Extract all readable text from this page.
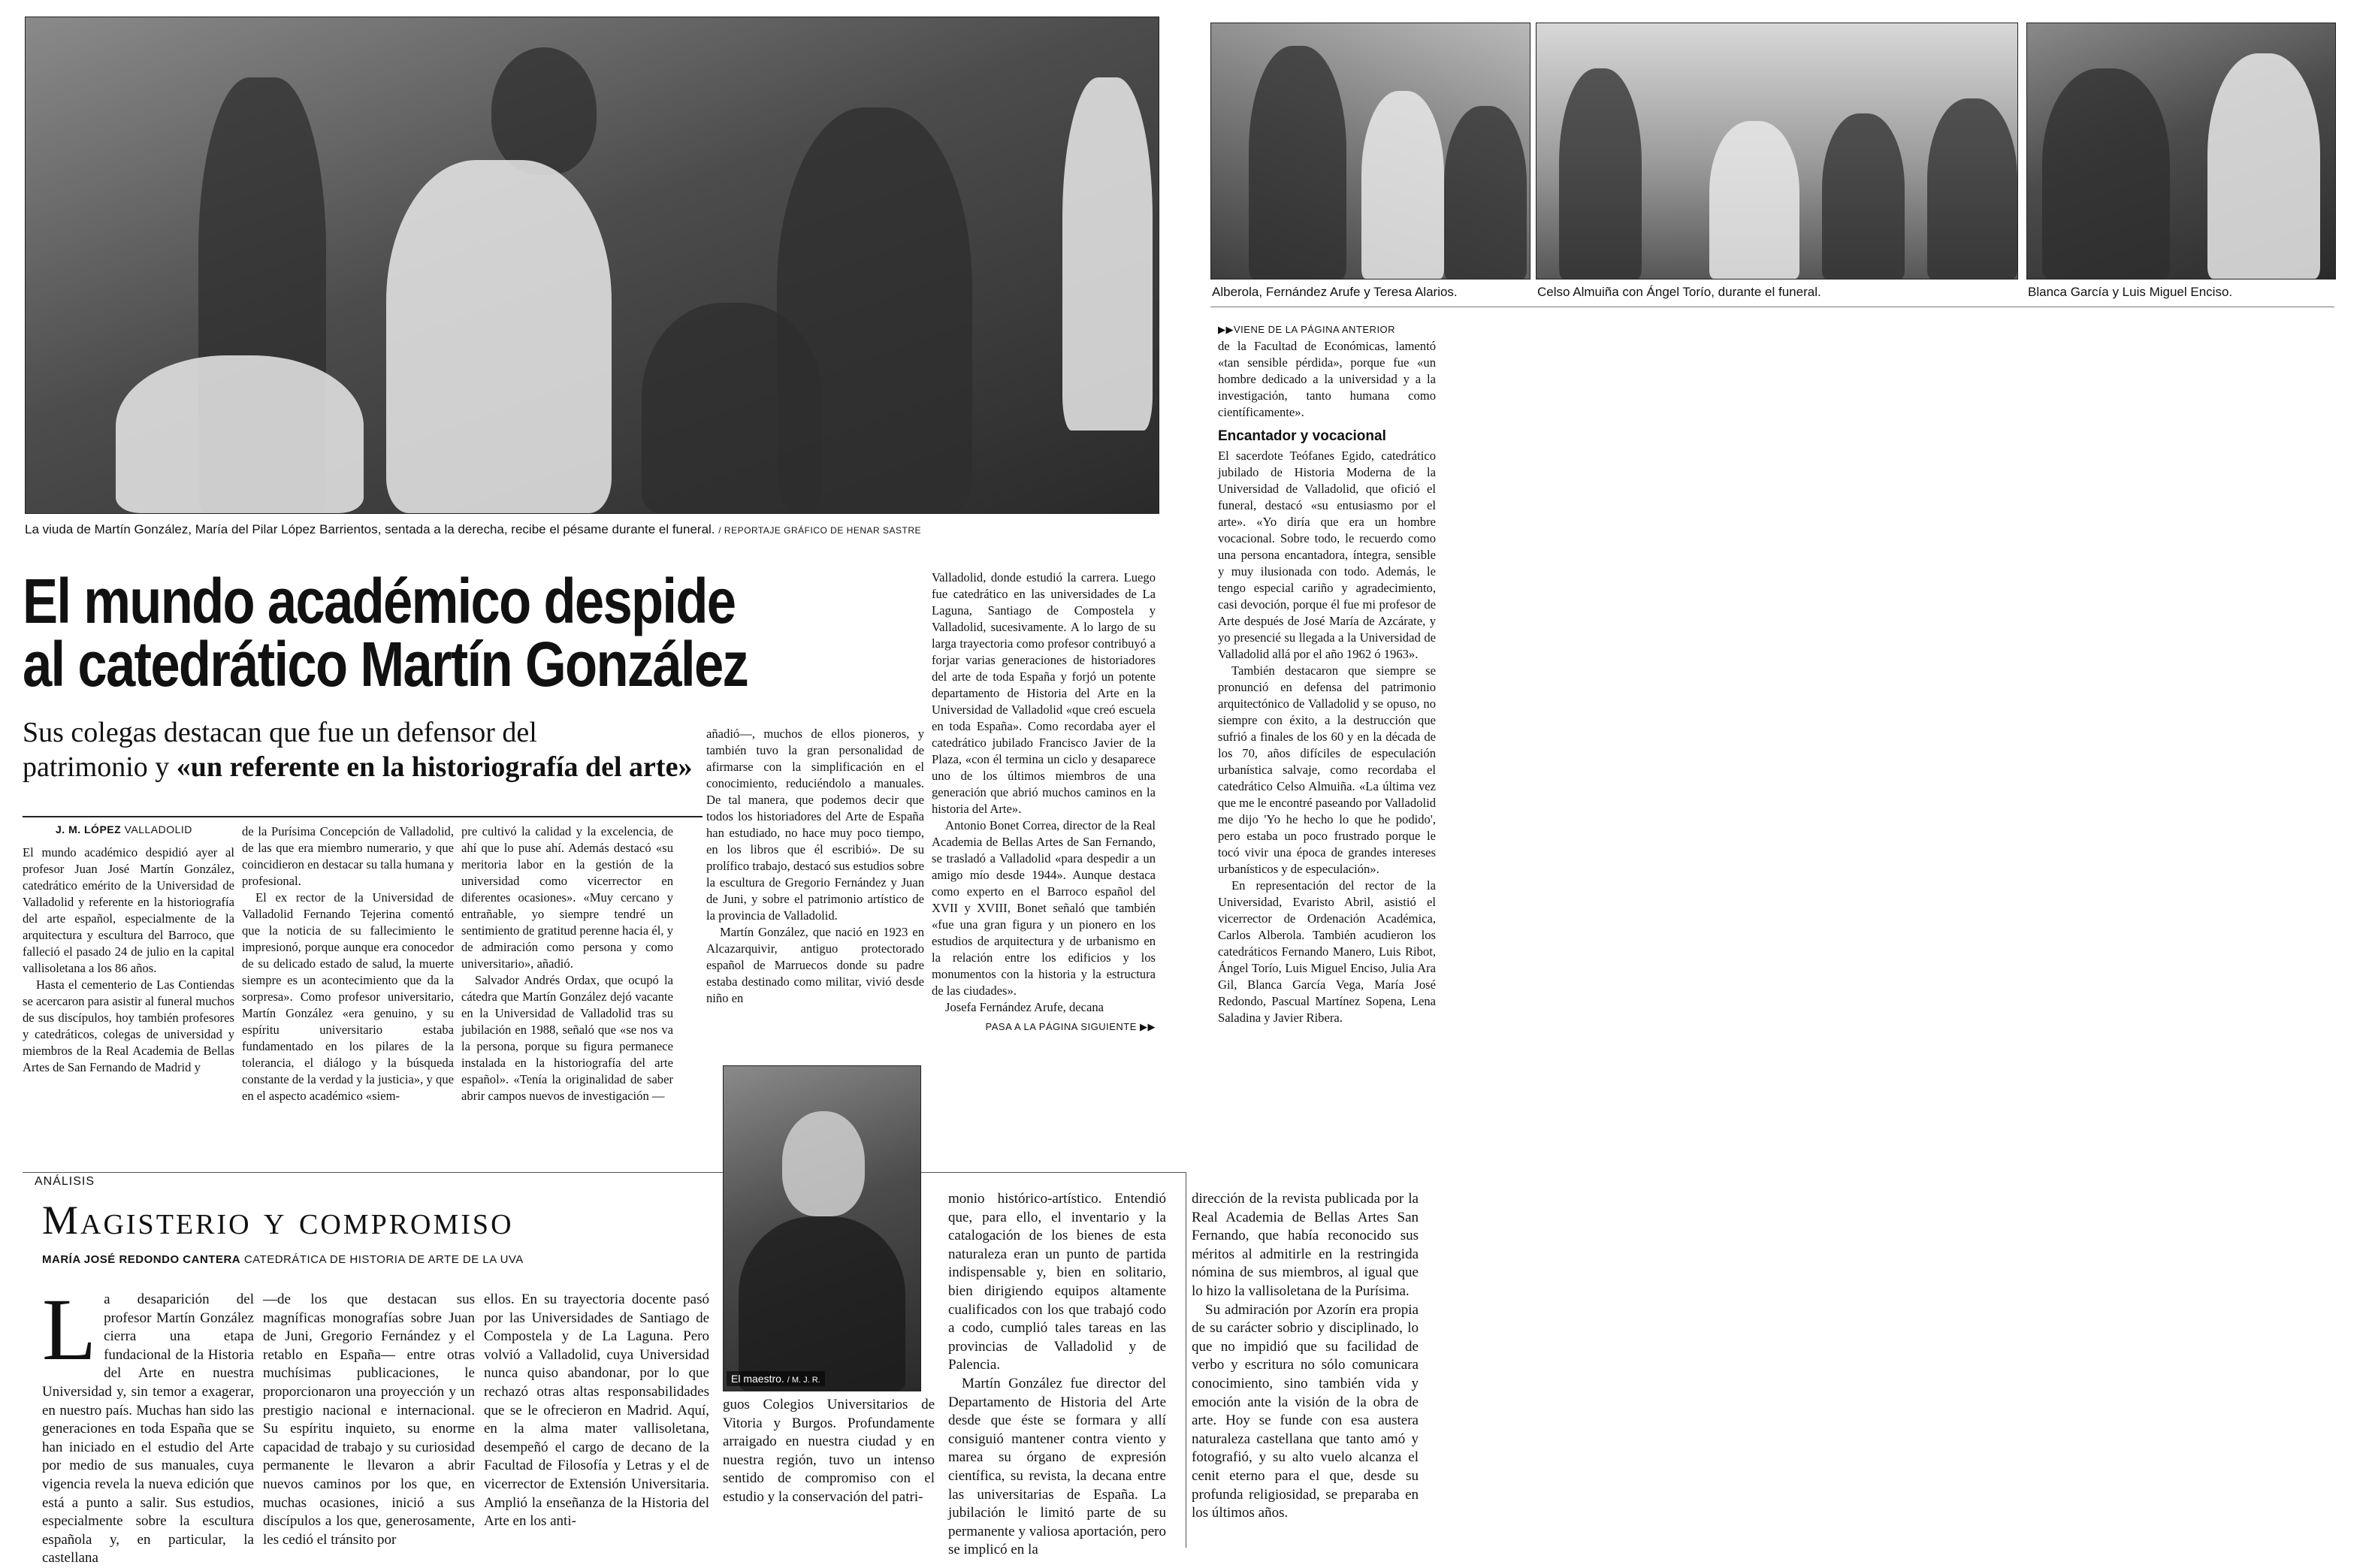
La viuda de Martín González, María del Pilar López Barrientos, sentada a la derecha, recibe el pésame durante el funeral. / REPORTAJE GRÁFICO DE HENAR SASTRE
Alberola, Fernández Arufe y Teresa Alarios.	Celso Almuiña con Ángel Torío, durante el funeral.	Blanca García y Luis Miguel Enciso.
El mundo académico despide
al catedrático Martín González
Sus colegas destacan que fue un defensor del
patrimonio y «un referente en la historiografía del arte»
J. M. LÓPEZ VALLADOLID

El mundo académico despidió ayer al profesor Juan José Martín González, catedrático emérito de la Universidad de Valladolid y referente en la historiografía del arte español, especialmente de la arquitectura y escultura del Barroco, que falleció el pasado 24 de julio en la capital vallisoletana a los 86 años.

Hasta el cementerio de Las Contiendas se acercaron para asistir al funeral muchos de sus discípulos, hoy también profesores y catedráticos, colegas de universidad y miembros de la Real Academia de Bellas Artes de San Fernando de Madrid y

de la Purísima Concepción de Valladolid, de las que era miembro numerario, y que coincidieron en destacar su talla humana y profesional.

El ex rector de la Universidad de Valladolid Fernando Tejerina comentó que la noticia de su fallecimiento le impresionó, porque aunque era conocedor de su delicado estado de salud, la muerte siempre es un acontecimiento que da la sorpresa». Como profesor universitario, Martín González «era genuino, y su espíritu universitario estaba fundamentado en los pilares de la tolerancia, el diálogo y la búsqueda constante de la verdad y la justicia», y que en el aspecto académico «siem-

pre cultivó la calidad y la excelencia, de ahí que lo puse ahí. Además destacó «su meritoria labor en la gestión de la universidad como vicerrector en diferentes ocasiones». «Muy cercano y entrañable, yo siempre tendré un sentimiento de gratitud perenne hacia él, y de admiración como persona y como universitario», añadió.

Salvador Andrés Ordax, que ocupó la cátedra que Martín González dejó vacante en la Universidad de Valladolid tras su jubilación en 1988, señaló que «se nos va la persona, porque su figura permanece instalada en la historiografía del arte español». «Tenía la originalidad de saber abrir campos nuevos de investigación —

añadió—, muchos de ellos pioneros, y también tuvo la gran personalidad de afirmarse con la simplificación en el conocimiento, reduciéndolo a manuales. De tal manera, que podemos decir que todos los historiadores del Arte de España han estudiado, no hace muy poco tiempo, en los libros que él escribió». De su prolífico trabajo, destacó sus estudios sobre la escultura de Gregorio Fernández y Juan de Juni, y sobre el patrimonio artístico de la provincia de Valladolid.

Martín González, que nació en 1923 en Alcazarquivir, antiguo protectorado español de Marruecos donde su padre estaba destinado como militar, vivió desde niño en

Valladolid, donde estudió la carrera. Luego fue catedrático en las universidades de La Laguna, Santiago de Compostela y Valladolid, sucesivamente. A lo largo de su larga trayectoria como profesor contribuyó a forjar varias generaciones de historiadores del arte de toda España y forjó un potente departamento de Historia del Arte en la Universidad de Valladolid «que creó escuela en toda España». Como recordaba ayer el catedrático jubilado Francisco Javier de la Plaza, «con él termina un ciclo y desaparece uno de los últimos miembros de una generación que abrió muchos caminos en la historia del Arte».

Antonio Bonet Correa, director de la Real Academia de Bellas Artes de San Fernando, se trasladó a Valladolid «para despedir a un amigo mío desde 1944». Aunque destaca como experto en el Barroco español del XVII y XVIII, Bonet señaló que también «fue una gran figura y un pionero en los estudios de arquitectura y de urbanismo en la relación entre los edificios y los monumentos con la historia y la estructura de las ciudades».

Josefa Fernández Arufe, decana

PASA A LA PÁGINA SIGUIENTE ▶▶
▶▶VIENE DE LA PÁGINA ANTERIOR

de la Facultad de Económicas, lamentó «tan sensible pérdida», porque fue «un hombre dedicado a la universidad y a la investigación, tanto humana como científicamente».

Encantador y vocacional

El sacerdote Teófanes Egido, catedrático jubilado de Historia Moderna de la Universidad de Valladolid, que ofició el funeral, destacó «su entusiasmo por el arte». «Yo diría que era un hombre vocacional. Sobre todo, le recuerdo como una persona encantadora, íntegra, sensible y muy ilusionada con todo. Además, le tengo especial cariño y agradecimiento, casi devoción, porque él fue mi profesor de Arte después de José María de Azcárate, y yo presencié su llegada a la Universidad de Valladolid allá por el año 1962 ó 1963».

También destacaron que siempre se pronunció en defensa del patrimonio arquitectónico de Valladolid y se opuso, no siempre con éxito, a la destrucción que sufrió a finales de los 60 y en la década de los 70, años difíciles de especulación urbanística salvaje, como recordaba el catedrático Celso Almuiña. «La última vez que me le encontré paseando por Valladolid me dijo 'Yo he hecho lo que he podido', pero estaba un poco frustrado porque le tocó vivir una época de grandes intereses urbanísticos y de especulación».

En representación del rector de la Universidad, Evaristo Abril, asistió el vicerrector de Ordenación Académica, Carlos Alberola. También acudieron los catedráticos Fernando Manero, Luis Ribot, Ángel Torío, Luis Miguel Enciso, Julia Ara Gil, Blanca García Vega, María José Redondo, Pascual Martínez Sopena, Lena Saladina y Javier Ribera.

ANÁLISIS
Magisterio y compromiso
MARÍA JOSÉ REDONDO CANTERA CATEDRÁTICA DE HISTORIA DE ARTE DE LA UVA
La desaparición del profesor Martín González cierra una etapa fundacional de la Historia del Arte en nuestra Universidad y, sin temor a exagerar, en nuestro país. Muchas han sido las generaciones en toda España que se han iniciado en el estudio del Arte por medio de sus manuales, cuya vigencia revela la nueva edición que está a punto a salir. Sus estudios, especialmente sobre la escultura española y, en particular, la castellana

—de los que destacan sus magníficas monografías sobre Juan de Juni, Gregorio Fernández y el retablo en España— entre otras muchísimas publicaciones, le proporcionaron una proyección y un prestigio nacional e internacional. Su espíritu inquieto, su enorme capacidad de trabajo y su curiosidad permanente le llevaron a abrir nuevos caminos por los que, en muchas ocasiones, inició a sus discípulos a los que, generosamente, les cedió el tránsito por

ellos. En su trayectoria docente pasó por las Universidades de Santiago de Compostela y de La Laguna. Pero volvió a Valladolid, cuya Universidad nunca quiso abandonar, por lo que rechazó otras altas responsabilidades que se le ofrecieron en Madrid. Aquí, en la alma mater vallisoletana, desempeñó el cargo de decano de la Facultad de Filosofía y Letras y el de vicerrector de Extensión Universitaria. Amplió la enseñanza de la Historia del Arte en los anti-

El maestro. / M. J. R.

guos Colegios Universitarios de Vitoria y Burgos. Profundamente arraigado en nuestra ciudad y en nuestra región, tuvo un intenso sentido de compromiso con el estudio y la conservación del patri-

monio histórico-artístico. Entendió que, para ello, el inventario y la catalogación de los bienes de esta naturaleza eran un punto de partida indispensable y, bien en solitario, bien dirigiendo equipos altamente cualificados con los que trabajó codo a codo, cumplió tales tareas en las provincias de Valladolid y de Palencia.

Martín González fue director del Departamento de Historia del Arte desde que éste se formara y allí consiguió mantener contra viento y marea su órgano de expresión científica, su revista, la decana entre las universitarias de España. La jubilación le limitó parte de su permanente y valiosa aportación, pero se implicó en la

dirección de la revista publicada por la Real Academia de Bellas Artes San Fernando, que había reconocido sus méritos al admitirle en la restringida nómina de sus miembros, al igual que lo hizo la vallisoletana de la Purísima.

Su admiración por Azorín era propia de su carácter sobrio y disciplinado, lo que no impidió que su facilidad de verbo y escritura no sólo comunicara conocimiento, sino también vida y emoción ante la visión de la obra de arte. Hoy se funde con esa austera naturaleza castellana que tanto amó y fotografió, y su alto vuelo alcanza el cenit eterno para el que, desde su profunda religiosidad, se preparaba en los últimos años.
